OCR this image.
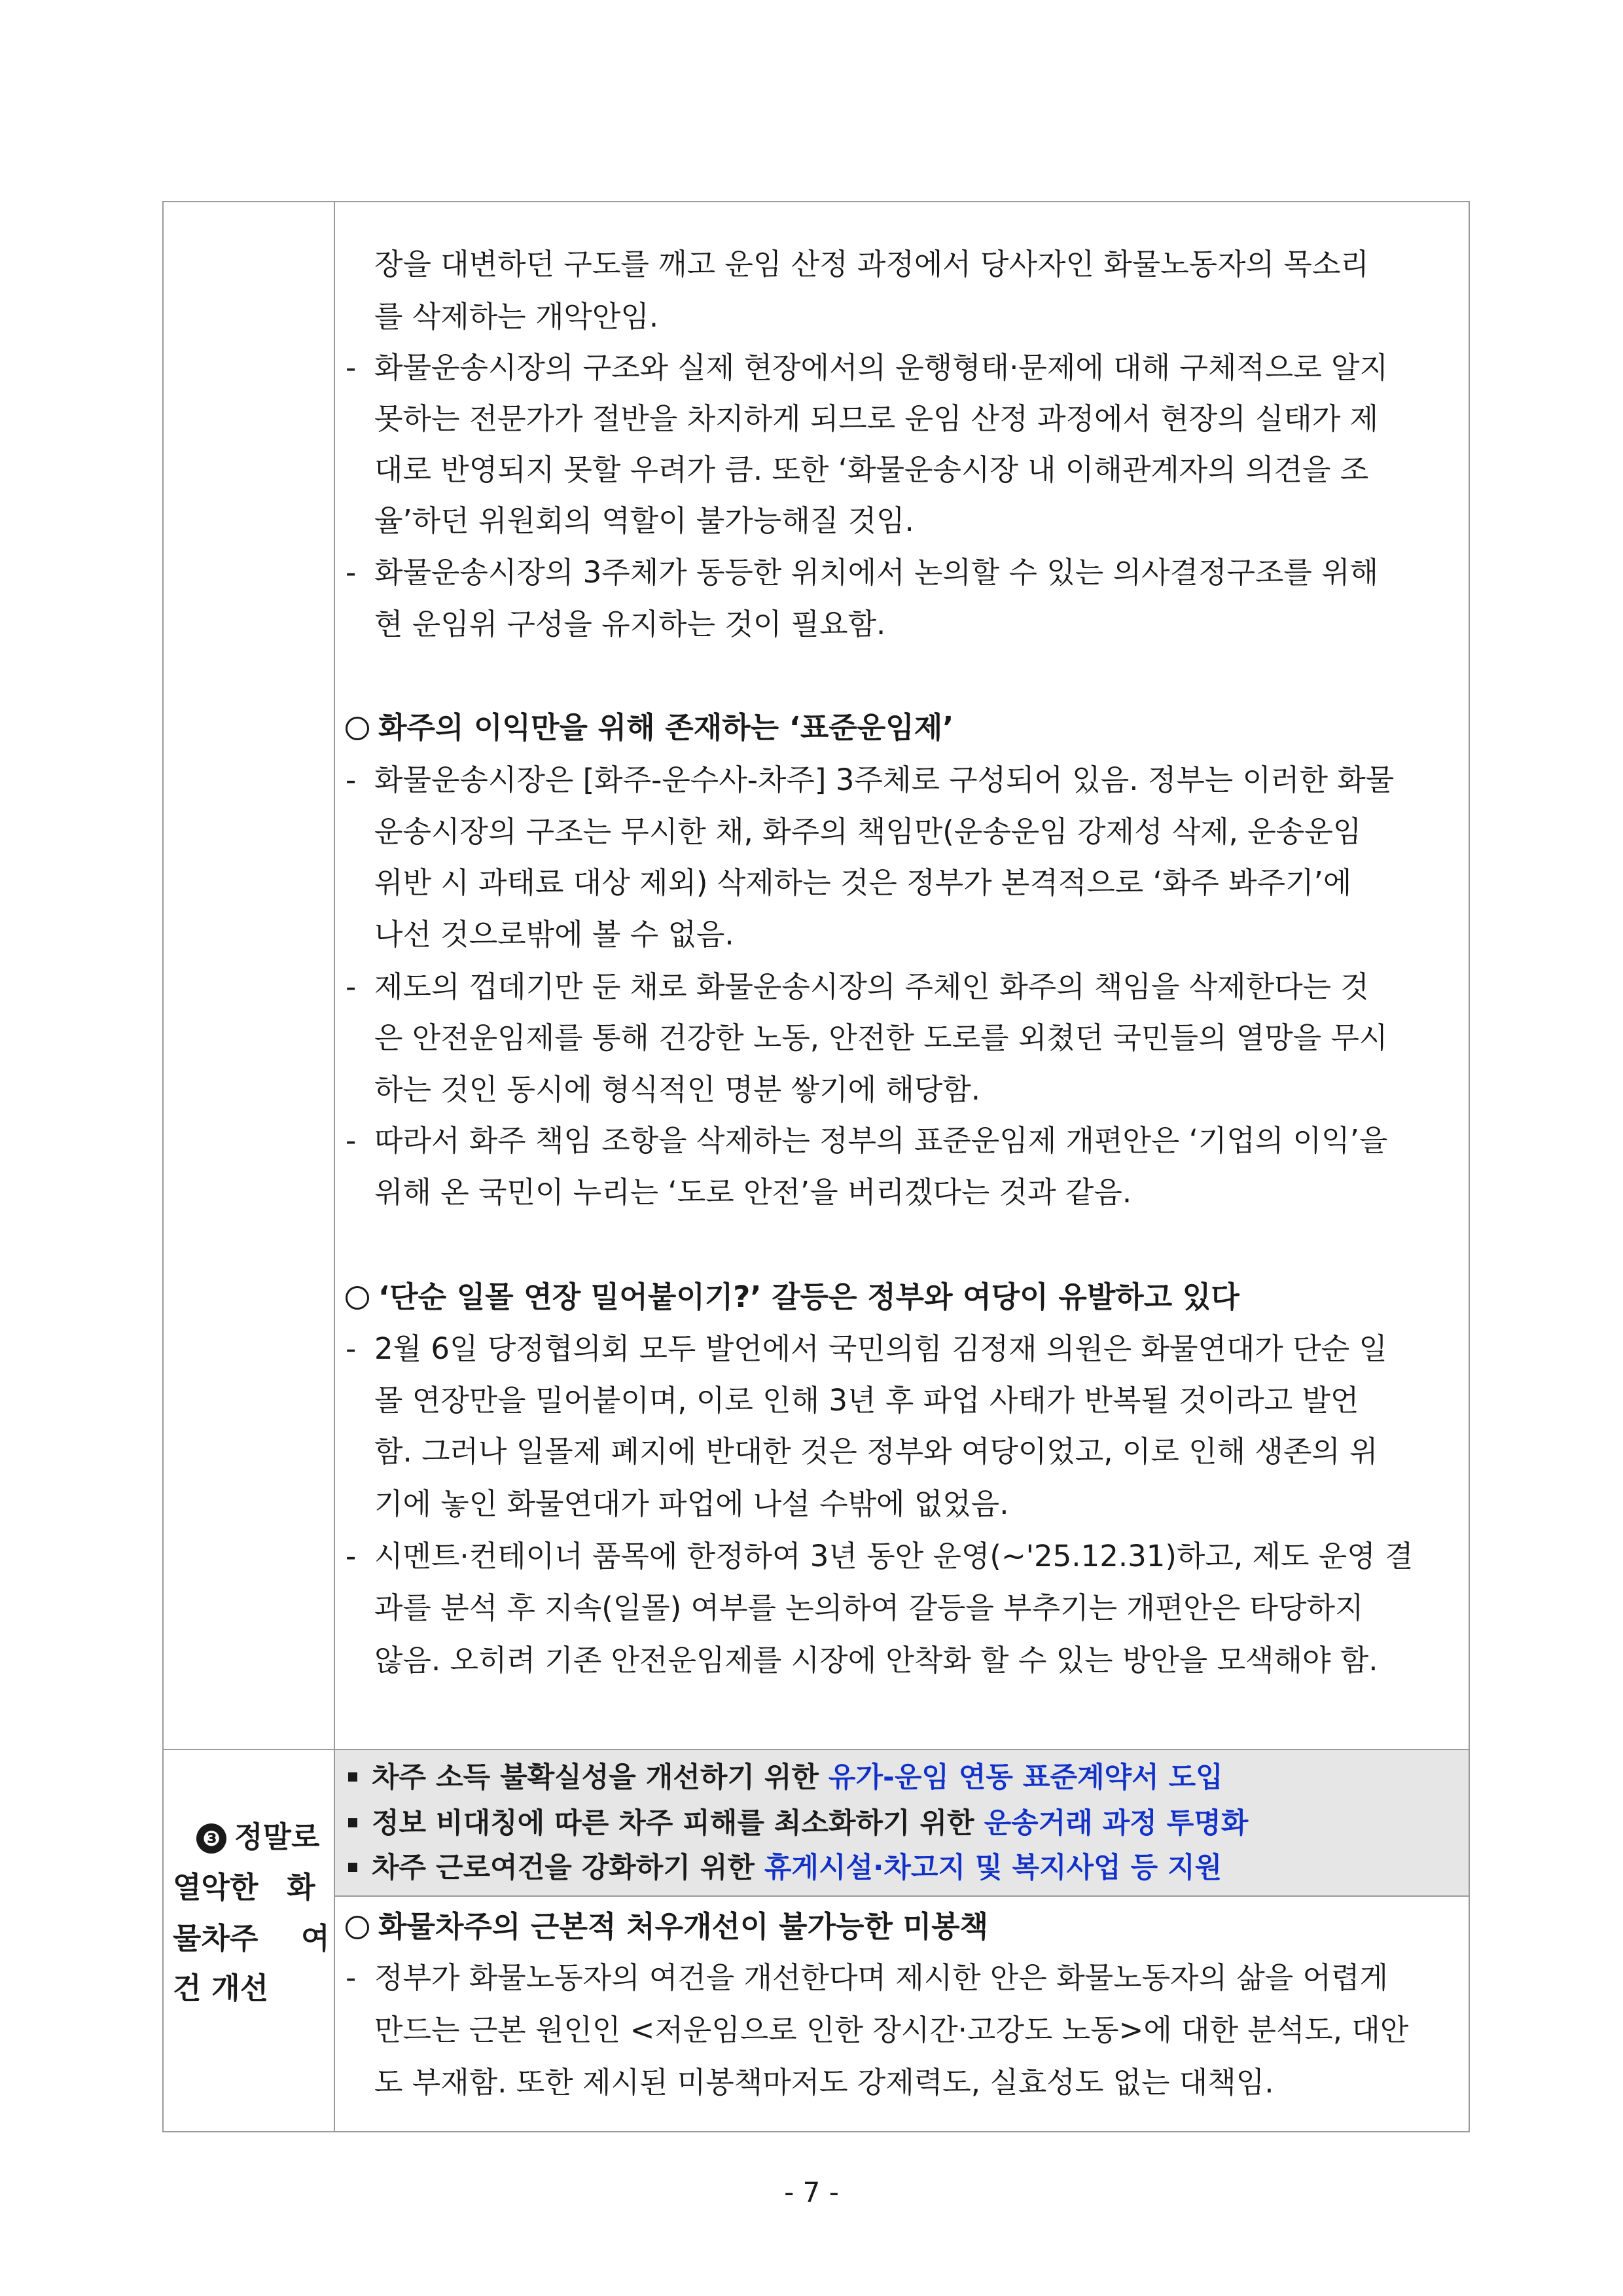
장을 대변하던 구도를 깨고 운임 산정 과정에서 당사자인 화물노동자의 목소리
를 삭제하는 개악안임.
- 화물운송시장의 구조와 실제 현장에서의 운행형태·문제에 대해 구체적으로 알지
못하는 전문가가 절반을 차지하게 되므로 운임 산정 과정에서 현장의 실태가 제
대로 반영되지 못할 우려가 큼. 또한 ‘화물운송시장 내 이해관계자의 의견을 조
율’하던 위원회의 역할이 불가능해질 것임.
- 화물운송시장의 3주체가 동등한 위치에서 논의할 수 있는 의사결정구조를 위해
현 운임위 구성을 유지하는 것이 필요함.
화주의 이익만을 위해 존재하는 ‘표준운임제’
- 화물운송시장은 [화주-운수사-차주] 3주체로 구성되어 있음. 정부는 이러한 화물
운송시장의 구조는 무시한 채, 화주의 책임만(운송운임 강제성 삭제, 운송운임
위반 시 과태료 대상 제외) 삭제하는 것은 정부가 본격적으로 ‘화주 봐주기’에
나선 것으로밖에 볼 수 없음.
- 제도의 껍데기만 둔 채로 화물운송시장의 주체인 화주의 책임을 삭제한다는 것
은 안전운임제를 통해 건강한 노동, 안전한 도로를 외쳤던 국민들의 열망을 무시
하는 것인 동시에 형식적인 명분 쌓기에 해당함.
- 따라서 화주 책임 조항을 삭제하는 정부의 표준운임제 개편안은 ‘기업의 이익’을
위해 온 국민이 누리는 ‘도로 안전’을 버리겠다는 것과 같음.
‘단순 일몰 연장 밀어붙이기?’ 갈등은 정부와 여당이 유발하고 있다
- 2월 6일 당정협의회 모두 발언에서 국민의힘 김정재 의원은 화물연대가 단순 일
몰 연장만을 밀어붙이며, 이로 인해 3년 후 파업 사태가 반복될 것이라고 발언
함. 그러나 일몰제 폐지에 반대한 것은 정부와 여당이었고, 이로 인해 생존의 위
기에 놓인 화물연대가 파업에 나설 수밖에 없었음.
- 시멘트·컨테이너 품목에 한정하여 3년 동안 운영(~'25.12.31)하고, 제도 운영 결
과를 분석 후 지속(일몰) 여부를 논의하여 갈등을 부추기는 개편안은 타당하지
않음. 오히려 기존 안전운임제를 시장에 안착화 할 수 있는 방안을 모색해야 함.
❸ 정말로
열악한 화
물차주 여
건 개선
차주 소득 불확실성을 개선하기 위한 유가-운임 연동 표준계약서 도입
정보 비대칭에 따른 차주 피해를 최소화하기 위한 운송거래 과정 투명화
차주 근로여건을 강화하기 위한 휴게시설·차고지 및 복지사업 등 지원
화물차주의 근본적 처우개선이 불가능한 미봉책
- 정부가 화물노동자의 여건을 개선한다며 제시한 안은 화물노동자의 삶을 어렵게
만드는 근본 원인인 <저운임으로 인한 장시간·고강도 노동>에 대한 분석도, 대안
도 부재함. 또한 제시된 미봉책마저도 강제력도, 실효성도 없는 대책임.
- 7 -
